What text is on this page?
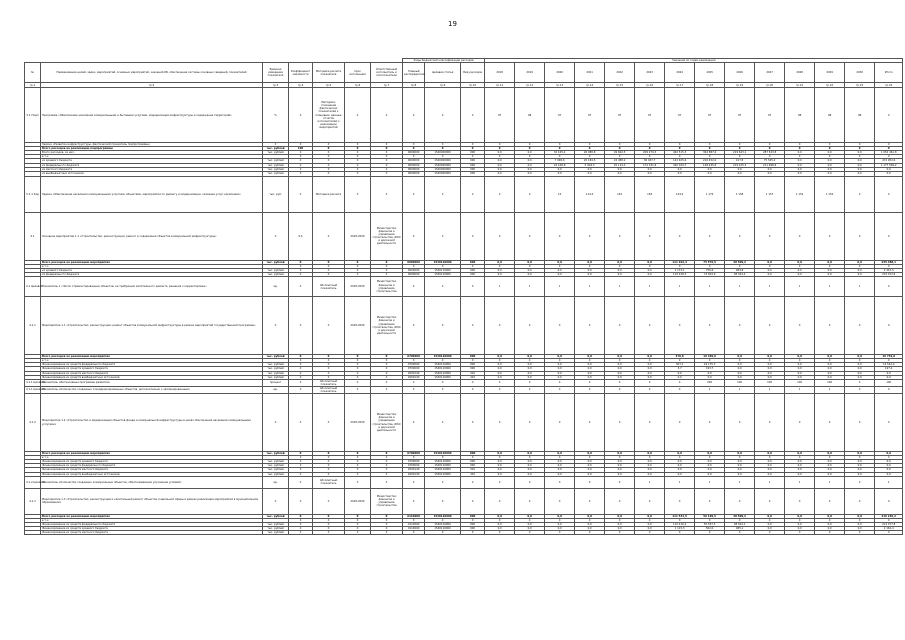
19
							Коды бюджетной классификации расходов			Значения по годам реализации													
№	Наименование целей, задач, мероприятий, основных мероприятий, значений КБ, обеспечение системы основных сведений, показателей	Единица измерения показателя	Коэффициент значимости	Методика расчета показателя	Срок исполнения	Ответственный исполнитель и соисполнители	Главный распорядитель	Целевая статья	Вид расходов	2018	2019	2020	2021	2022	2023	2024	2025	2026	2027	2028	2029	2030	Итого
гр.1	гр.2	гр.3	гр.4	гр.5	гр.6	гр.7	гр.8	гр.9	гр.10	гр.11	гр.12	гр.13	гр.14	гр.15	гр.16	гр.17	гр.18	гр.19	гр.20	гр.21	гр.22	гр.23	гр.24
5.1 Подп	Программа «Обеспечение населения коммунальными и бытовыми услугами, модернизация инфраструктуры и содержание территорий»	%	X	Методика: отношение фактических показателей к плановым; данные отчетов исполнителей о реализации мероприятий	X	X	X	X	X	97	98	97	97	97	97	97	97	97	97	98	98	98	X
	Задача «Развитие инфраструктуры, фактический показатель подпрограммы»	X	X	X	X	X	X	X	X	X	X	X	X	X	X	X	X	X	X	X	X	X	X
	Всего расходов на реализацию подпрограммы	тыс. рублей	100	X	X	X	X	X	X	X	X	X	X	X	X	X	X	X	X	X	X	X	X
	Всего расходов, из них:	тыс. рублей	X	X	X	X	0000000	1540000000	000	0,0	0,0	32 105,4	26 088,8	49 602,5	209 279,3	462 515,3	364 887,6	219 643,1	287 543,8	0,0	0,0	0,0	1 652 461,8
	в т.ч.		X	X	X	X	X	X	X	X	X	X	X	X	X	X	X	X	X	X	X	X	X
	из краевого бюджета	тыс. рублей	X	X	X	X	0000000	1540000000	000	0,0	0,0	7 996,6	20 184,5	24 488,2	36 947,7	122 405,6	216 452,0	417,8	75 545,2	0,0	0,0	0,0	474 952,6
	из федерального бюджета	тыс. рублей	X	X	X	X	0000000	1540000000	000	0,0	0,0	24 108,8	5 904,3	25 114,3	172 331,6	340 109,7	148 435,6	219 225,3	211 998,6	0,0	0,0	0,0	1 177 509,2
	из местного бюджета	тыс. рублей	X	X	X	X	0000000	1540000000	000	0,0	0,0	0,0	0,0	0,0	0,0	0,0	0,0	0,0	0,0	0,0	0,0	0,0	0,0
	из внебюджетных источников	тыс. рублей	X	X	X	X	0000000	1540000000	000	0,0	0,0	0,0	0,0	0,0	0,0	0,0	0,0	0,0	0,0	0,0	0,0	0,0	0,0
5.1.1 Зад	Задача «Обеспечение населения коммунальными услугами, объектами, мероприятия по ремонту и модернизации, оказание услуг населению»	тыс. руб.	X	Методика расчета	X	X	X	X	X	X	X	15	114,5	145	158	144,2	1 179	1 158	1 157	1 152	1 152	X	X
4.1	Основное мероприятие 1.1 «Строительство, реконструкция, ремонт и содержание объектов коммунальной инфраструктуры»	X	0,5	X	2018-2030	Министерство финансов и управление строительства, ЖКХ и дорожной деятельности	X	X	X	X	X	X	X	X	X	X	X	X	X	X	X	X	X
	Всего расходов на реализацию мероприятия	тыс. рублей	X	X	X	X	0000000	1540110000	000	0,0	0,0	0,0	0,0	0,0	0,0	111 402,4	75 576,5	48 509,2	0,0	0,0	0,0	0,0	235 488,1
	в т.ч.		X	X	X	X	X	X	X	X	X	X	X	X	X	X	X	X	X	X	X	X	X
	из краевого бюджета	тыс. рублей	X	X	X	X	0000000	1540110000	000	0,0	0,0	0,0	0,0	0,0	0,0	1 174,1	756,6	484,8	0,0	0,0	0,0	0,0	2 415,5
	из федерального бюджета	тыс. рублей	X	X	X	X	0000000	1540110000	000	0,0	0,0	0,0	0,0	0,0	0,0	110 228,3	74 819,9	48 024,4	0,0	0,0	0,0	0,0	233 072,6
4.1 Целевой	Показатель 1 «Число отремонтированных объектов, не требующих капитального ремонта, решения о корректировке»	ед.	X	Абсолютный показатель	2018-2030	Министерство финансов и управление строительства	X	X	X	1	1	1	1	1	1	1	1	1	1	1	1	1	X
4.1.1	Мероприятие 1.1 «Строительство, реконструкция, ремонт объектов коммунальной инфраструктуры в рамках мероприятий государственной программы»	X	X	X	2018-2030	Министерство финансов и управление строительства, ЖКХ и дорожной деятельности	X	X	X	X	X	X	X	X	X	X	X	X	X	X	X	X	X
	Всего расходов на реализацию мероприятия	тыс. рублей	X	X	X	X	0700000	1540110000	000	0,0	0,0	0,0	0,0	0,0	0,0	370,8	19 369,0	0,0	0,0	0,0	0,0	0,0	19 739,8
	в т.ч.		X	X	X	X	X	X	X	X	X	X	X	X	X	X	X	X	X	X	X	X	X
	Финансирование из средств федерального бюджета	тыс. рублей	X	X	X	X	0700000	1540110000	000	0,0	0,0	0,0	0,0	0,0	0,0	367,1	19 175,3	0,0	0,0	0,0	0,0	0,0	19 542,4
	Финансирование из средств краевого бюджета	тыс. рублей	X	X	X	X	0700000	1540110000	000	0,0	0,0	0,0	0,0	0,0	0,0	3,7	193,7	0,0	0,0	0,0	0,0	0,0	197,4
	Финансирование из средств местного бюджета	тыс. рублей	X	X	X	X	2000140	1540110000	410	0,0	0,0	0,0	0,0	0,0	0,0	0,0	0,0	0,0	0,0	0,0	0,0	0,0	0,0
	Финансирование из средств внебюджетных источников	тыс. рублей	X	X	X	X	2000140	1540110000	410	0,0	0,0	0,0	0,0	0,0	0,0	0,0	0,0	0,0	0,0	0,0	0,0	0,0	0,0
4.1.1 Целевой	Показатель «Интенсивные программы развития»	процент	X	Абсолютный показатель	X	X	X	X	X	X	X	0	0	0	0	0	200	100	100	100	100	X	100
4.1.1 Целевой	Показатель «Количество созданных и модернизированных объектов, дополнительно к запланированным»	ед.	X	Абсолютный показатель	X	X	X	X	X	X	X	X	0	0	0	0	1	1	1	1	1	X	X
4.1.2	Мероприятие 1.2 «Строительство и модернизация объектов фонда и коммунальной инфраструктуры в целях обеспечения населения коммунальными услугами»	X	X	X	2018-2030	Министерство финансов и управление строительства, ЖКХ и дорожной деятельности	X	X	X	X	X	X	X	X	X	X	X	X	X	X	X	X	X
	Всего расходов на реализацию мероприятия	тыс. рублей	X	X	X	X	0700000	1540110000	000	0,0	0,0	0,0	0,0	0,0	0,0	0,0	0,0	0,0	0,0	0,0	0,0	0,0	0,0
	в т.ч.		X	X	X	X	X	X	X	X	X	X	X	X	X	X	X	X	X	X	X	X	X
	Финансирование из средств краевого бюджета	тыс. рублей	X	X	X	X	0700000	1540110000	000	0,0	0,0	0,0	0,0	0,0	0,0	0,0	0,0	0,0	0,0	0,0	0,0	0,0	0,0
	Финансирование из средств федерального бюджета	тыс. рублей	X	X	X	X	0700000	1540110000	000	0,0	0,0	0,0	0,0	0,0	0,0	0,0	0,0	0,0	0,0	0,0	0,0	0,0	0,0
	Финансирование из средств местного бюджета	тыс. рублей	X	X	X	X	2000140	1540110000	410	0,0	0,0	0,0	0,0	0,0	0,0	0,0	0,0	0,0	0,0	0,0	0,0	0,0	0,0
	Финансирование из средств внебюджетных источников	тыс. рублей	X	X	X	X	2000140	1540110000	410	0,0	0,0	0,0	0,0	0,0	0,0	0,0	0,0	0,0	0,0	0,0	0,0	0,0	0,0
4.1.2 Целевой	Показатель «Количество созданных коммунальных объектов, обеспечивающих улучшение условий»	ед.	X	Абсолютный показатель	X	X	X	X	X	X	X	X	0	0	1	1	1	1	1	1	1	X	1
4.1.3	Мероприятие 1.3 «Строительство, реконструкция и капитальный ремонт объектов социальной сферы в рамках реализации мероприятий в муниципальном образовании»	X	X	X	2018-2030	Министерство финансов и управление строительства	X	X	X	X	X	X	X	X	X	X	X	X	X	X	X	X	X
	Всего расходов на реализацию мероприятия	тыс. рублей	X	X	X	X	0110000	1540110000	000	0,0	0,0	0,0	0,0	0,0	0,0	111 531,5	56 199,5	48 509,2	0,0	0,0	0,0	0,0	216 240,2
	в т.ч.		X	X	X	X	X	X	X	X	X	X	X	X	X	X	X	X	X	X	X	X	X
	Финансирование из средств федерального бюджета	тыс. рублей	X	X	X	X	0110000	1540110000	000	0,0	0,0	0,0	0,0	0,0	0,0	110 416,2	55 637,5	48 024,1	0,0	0,0	0,0	0,0	214 077,8
	Финансирование из средств краевого бюджета	тыс. рублей	X	X	X	X	0110000	1540110000	000	0,0	0,0	0,0	0,0	0,0	0,0	1 115,3	562,0	485,1	0,0	0,0	0,0	0,0	2 162,4
	Финансирование из средств местного бюджета	тыс. рублей	X	X	X	X	X	X	X	X	X	X	X	X	X	X	X	X	X	X	X	X	X
